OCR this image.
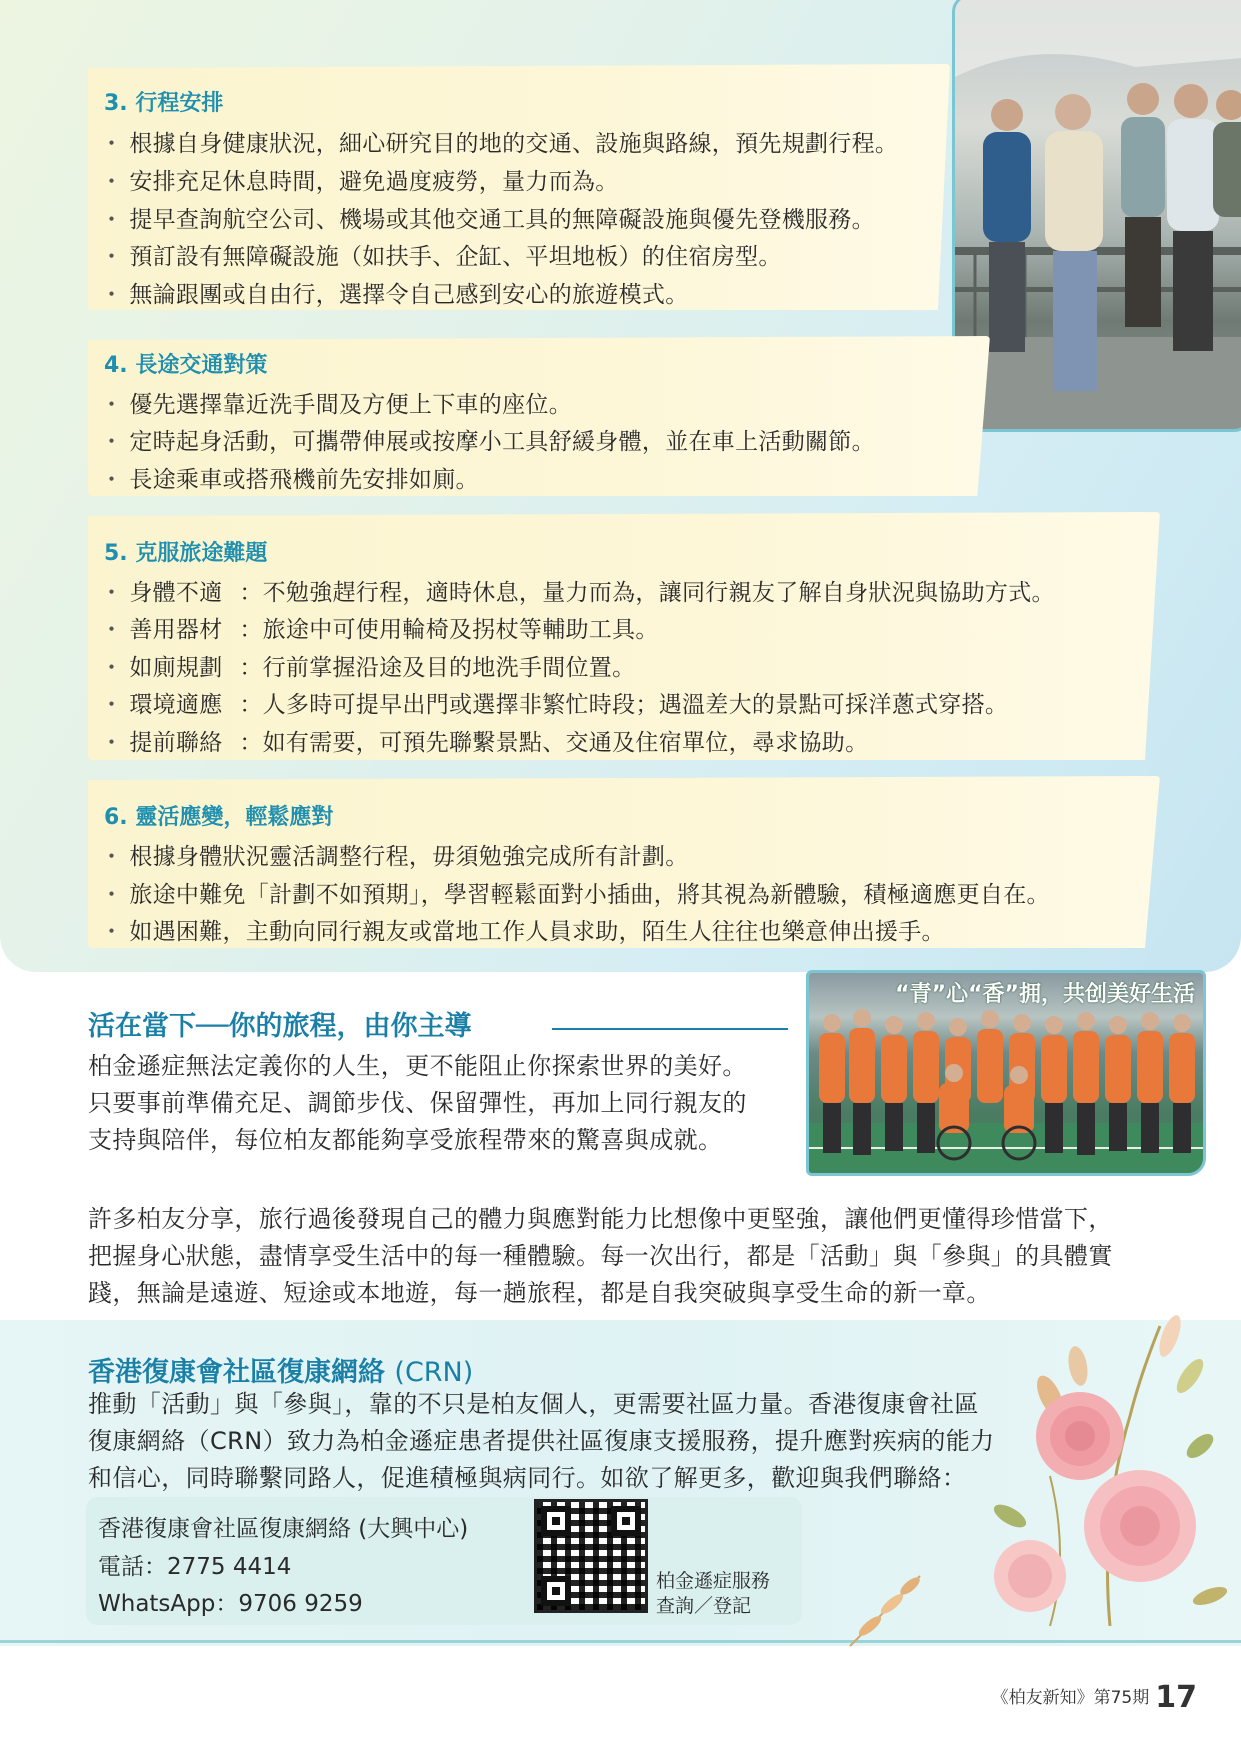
3. 行程安排
・ 根據自身健康狀況，細心研究目的地的交通、設施與路線，預先規劃行程。
・ 安排充足休息時間，避免過度疲勞，量力而為。
・ 提早查詢航空公司、機場或其他交通工具的無障礙設施與優先登機服務。
・ 預訂設有無障礙設施（如扶手、企缸、平坦地板）的住宿房型。
・ 無論跟團或自由行，選擇令自己感到安心的旅遊模式。
4. 長途交通對策
・ 優先選擇靠近洗手間及方便上下車的座位。
・ 定時起身活動，可攜帶伸展或按摩小工具舒緩身體，並在車上活動關節。
・ 長途乘車或搭飛機前先安排如廁。
5. 克服旅途難題
・ 身體不適 ：不勉強趕行程，適時休息，量力而為，讓同行親友了解自身狀況與協助方式。
・ 善用器材 ：旅途中可使用輪椅及拐杖等輔助工具。
・ 如廁規劃 ：行前掌握沿途及目的地洗手間位置。
・ 環境適應 ：人多時可提早出門或選擇非繁忙時段；遇溫差大的景點可採洋蔥式穿搭。
・ 提前聯絡 ：如有需要，可預先聯繫景點、交通及住宿單位，尋求協助。
6. 靈活應變，輕鬆應對
・ 根據身體狀況靈活調整行程，毋須勉強完成所有計劃。
・ 旅途中難免「計劃不如預期」，學習輕鬆面對小插曲，將其視為新體驗，積極適應更自在。
・ 如遇困難，主動向同行親友或當地工作人員求助，陌生人往往也樂意伸出援手。
“青”心“香”拥，共创美好生活
活在當下──你的旅程，由你主導
柏金遜症無法定義你的人生，更不能阻止你探索世界的美好。
只要事前準備充足、調節步伐、保留彈性，再加上同行親友的
支持與陪伴，每位柏友都能夠享受旅程帶來的驚喜與成就。
許多柏友分享，旅行過後發現自己的體力與應對能力比想像中更堅強，讓他們更懂得珍惜當下，
把握身心狀態，盡情享受生活中的每一種體驗。每一次出行，都是「活動」與「參與」的具體實
踐，無論是遠遊、短途或本地遊，每一趟旅程，都是自我突破與享受生命的新一章。
香港復康會社區復康網絡 (CRN)
推動「活動」與「參與」，靠的不只是柏友個人，更需要社區力量。香港復康會社區
復康網絡（CRN）致力為柏金遜症患者提供社區復康支援服務，提升應對疾病的能力
和信心，同時聯繫同路人，促進積極與病同行。如欲了解更多，歡迎與我們聯絡：
香港復康會社區復康網絡 (大興中心)
電話：2775 4414
WhatsApp：9706 9259
柏金遜症服務
查詢／登記
《柏友新知》第75期 17
